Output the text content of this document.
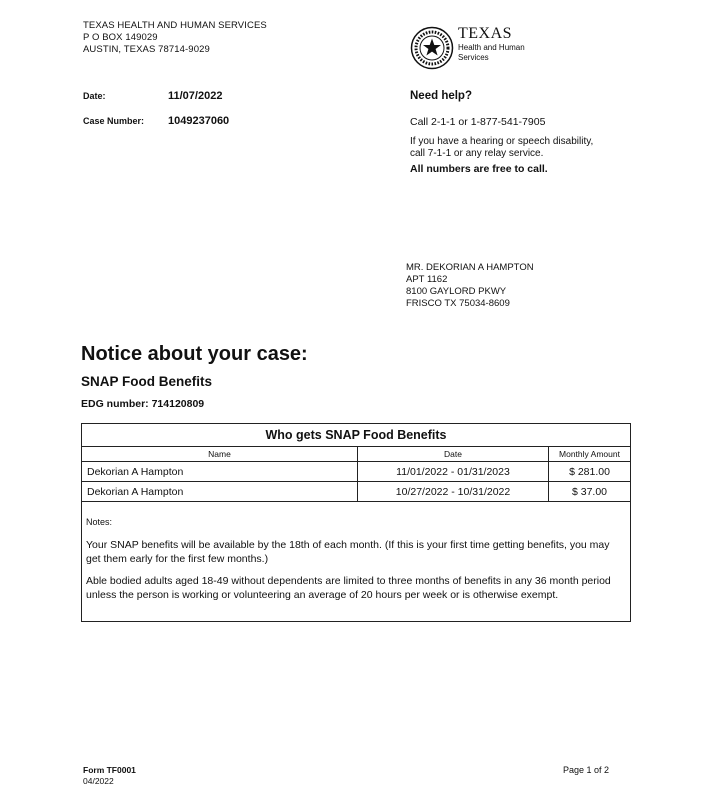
TEXAS HEALTH AND HUMAN SERVICES
P O BOX 149029
AUSTIN, TEXAS 78714-9029
TEXAS
Health and Human
Services
Date:	11/07/2022
Case Number: 1049237060
Need help?
Call 2-1-1 or 1-877-541-7905
If you have a hearing or speech disability,
call 7-1-1 or any relay service.
All numbers are free to call.
MR. DEKORIAN A HAMPTON
APT 1162
8100 GAYLORD PKWY
FRISCO TX 75034-8609
Notice about your case:
SNAP Food Benefits
EDG number: 714120809
Who gets SNAP Food Benefits
Name	Date	Monthly Amount
Dekorian A Hampton	11/01/2022 - 01/31/2023	$ 281.00
Dekorian A Hampton	10/27/2022 - 10/31/2022	$ 37.00
Notes:

Your SNAP benefits will be available by the 18th of each month. (If this is your first time getting benefits, you may get them early for the first few months.)

Able bodied adults aged 18-49 without dependents are limited to three months of benefits in any 36 month period unless the person is working or volunteering an average of 20 hours per week or is otherwise exempt.

Form TF0001
04/2022
Page 1 of 2
